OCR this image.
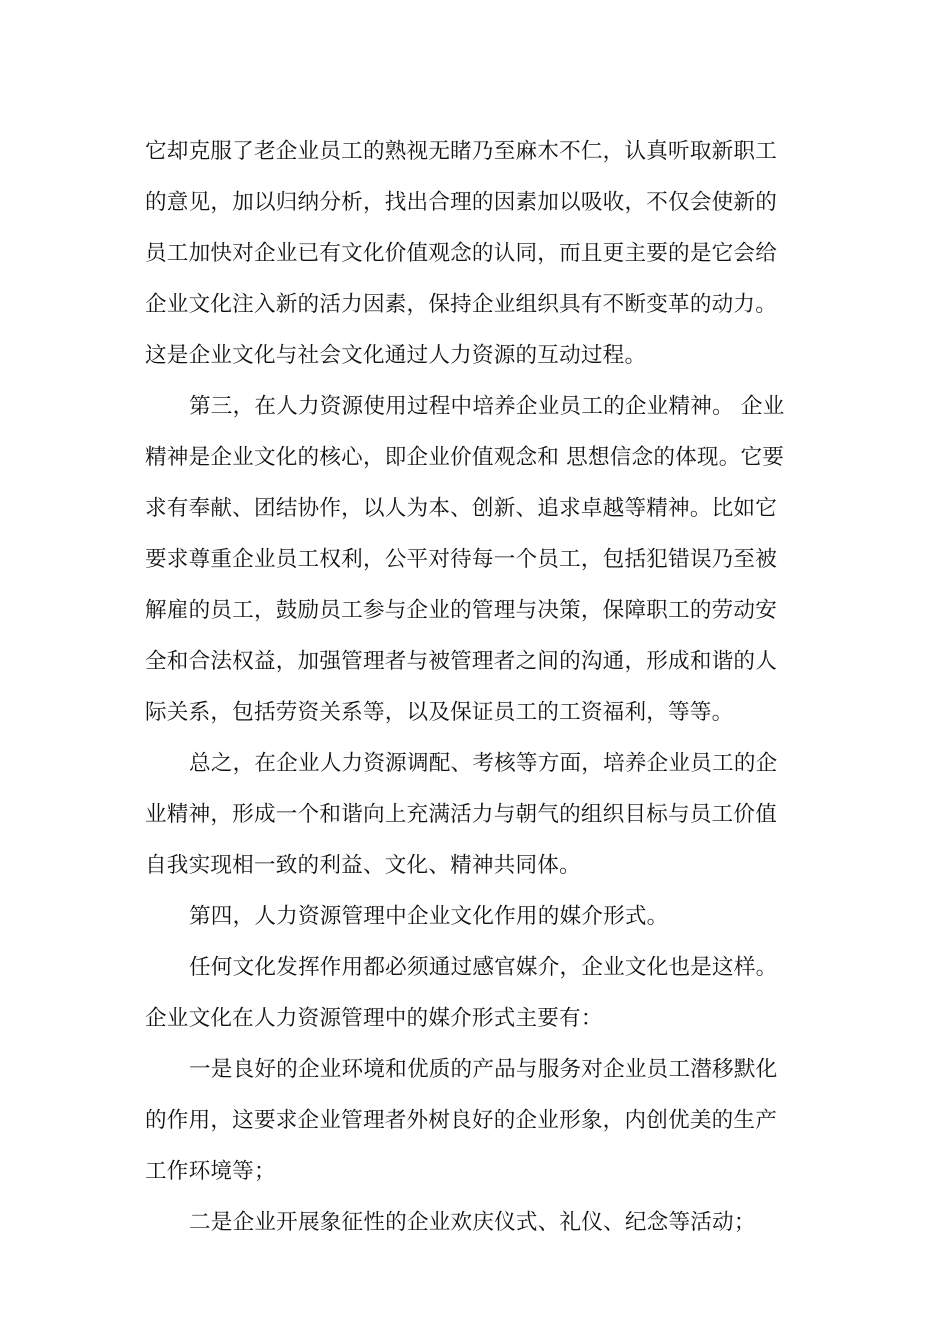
它却克服了老企业员工的熟视无睹乃至麻木不仁，认真听取新职工
的意见，加以归纳分析，找出合理的因素加以吸收，不仅会使新的
员工加快对企业已有文化价值观念的认同，而且更主要的是它会给
企业文化注入新的活力因素，保持企业组织具有不断变革的动力。
这是企业文化与社会文化通过人力资源的互动过程。
第三，在人力资源使用过程中培养企业员工的企业精神。 企业
精神是企业文化的核心，即企业价值观念和 思想信念的体现。它要
求有奉献、团结协作，以人为本、创新、追求卓越等精神。比如它
要求尊重企业员工权利，公平对待每一个员工，包括犯错误乃至被
解雇的员工，鼓励员工参与企业的管理与决策，保障职工的劳动安
全和合法权益，加强管理者与被管理者之间的沟通，形成和谐的人
际关系，包括劳资关系等，以及保证员工的工资福利，等等。
总之，在企业人力资源调配、考核等方面，培养企业员工的企
业精神，形成一个和谐向上充满活力与朝气的组织目标与员工价值
自我实现相一致的利益、文化、精神共同体。
第四，人力资源管理中企业文化作用的媒介形式。
任何文化发挥作用都必须通过感官媒介，企业文化也是这样。
企业文化在人力资源管理中的媒介形式主要有：
一是良好的企业环境和优质的产品与服务对企业员工潜移默化
的作用，这要求企业管理者外树良好的企业形象，内创优美的生产
工作环境等；
二是企业开展象征性的企业欢庆仪式、礼仪、纪念等活动；
